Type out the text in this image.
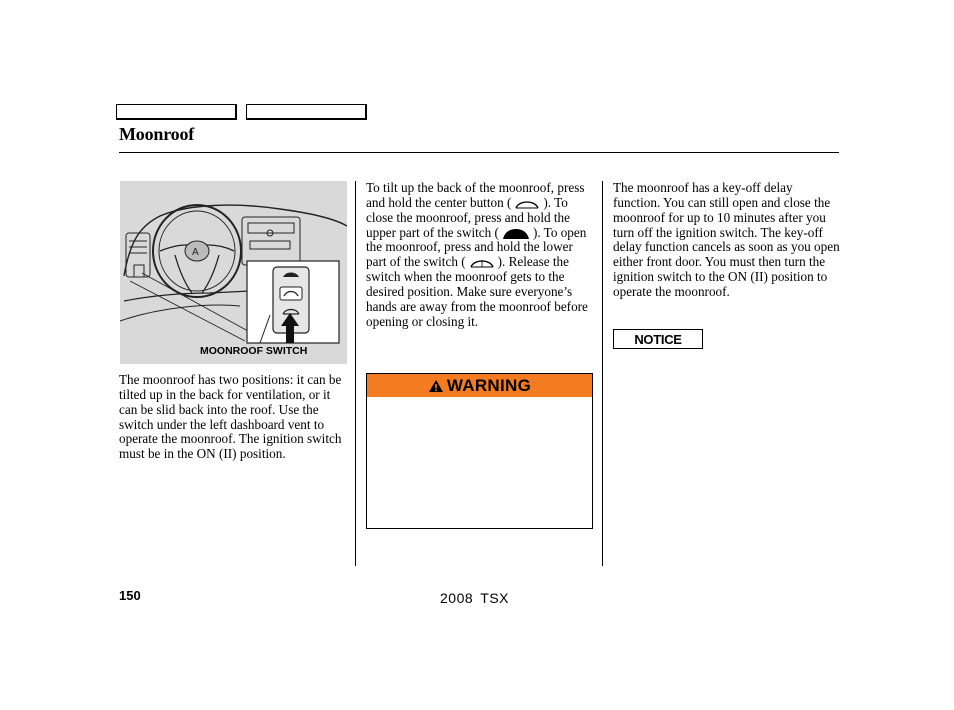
Moonroof
A
MOONROOF SWITCH
The moonroof has two positions: it can be tilted up in the back for ventilation, or it can be slid back into the roof. Use the switch under the left dashboard vent to operate the moonroof. The ignition switch must be in the ON (II) position.
To tilt up the back of the moonroof, press and hold the center button ( ). To close the moonroof, press and hold the upper part of the switch (	). To open the moonroof, press and hold the lower part of the switch ( ). Release the switch when the moonroof gets to the desired position. Make sure everyone’s hands are away from the moonroof before opening or closing it.
WARNING
The moonroof has a key-off delay function. You can still open and close the moonroof for up to 10 minutes after you turn off the ignition switch. The key-off delay function cancels as soon as you open either front door. You must then turn the ignition switch to the ON (II) position to operate the moonroof.
NOTICE
150	2008 TSX
